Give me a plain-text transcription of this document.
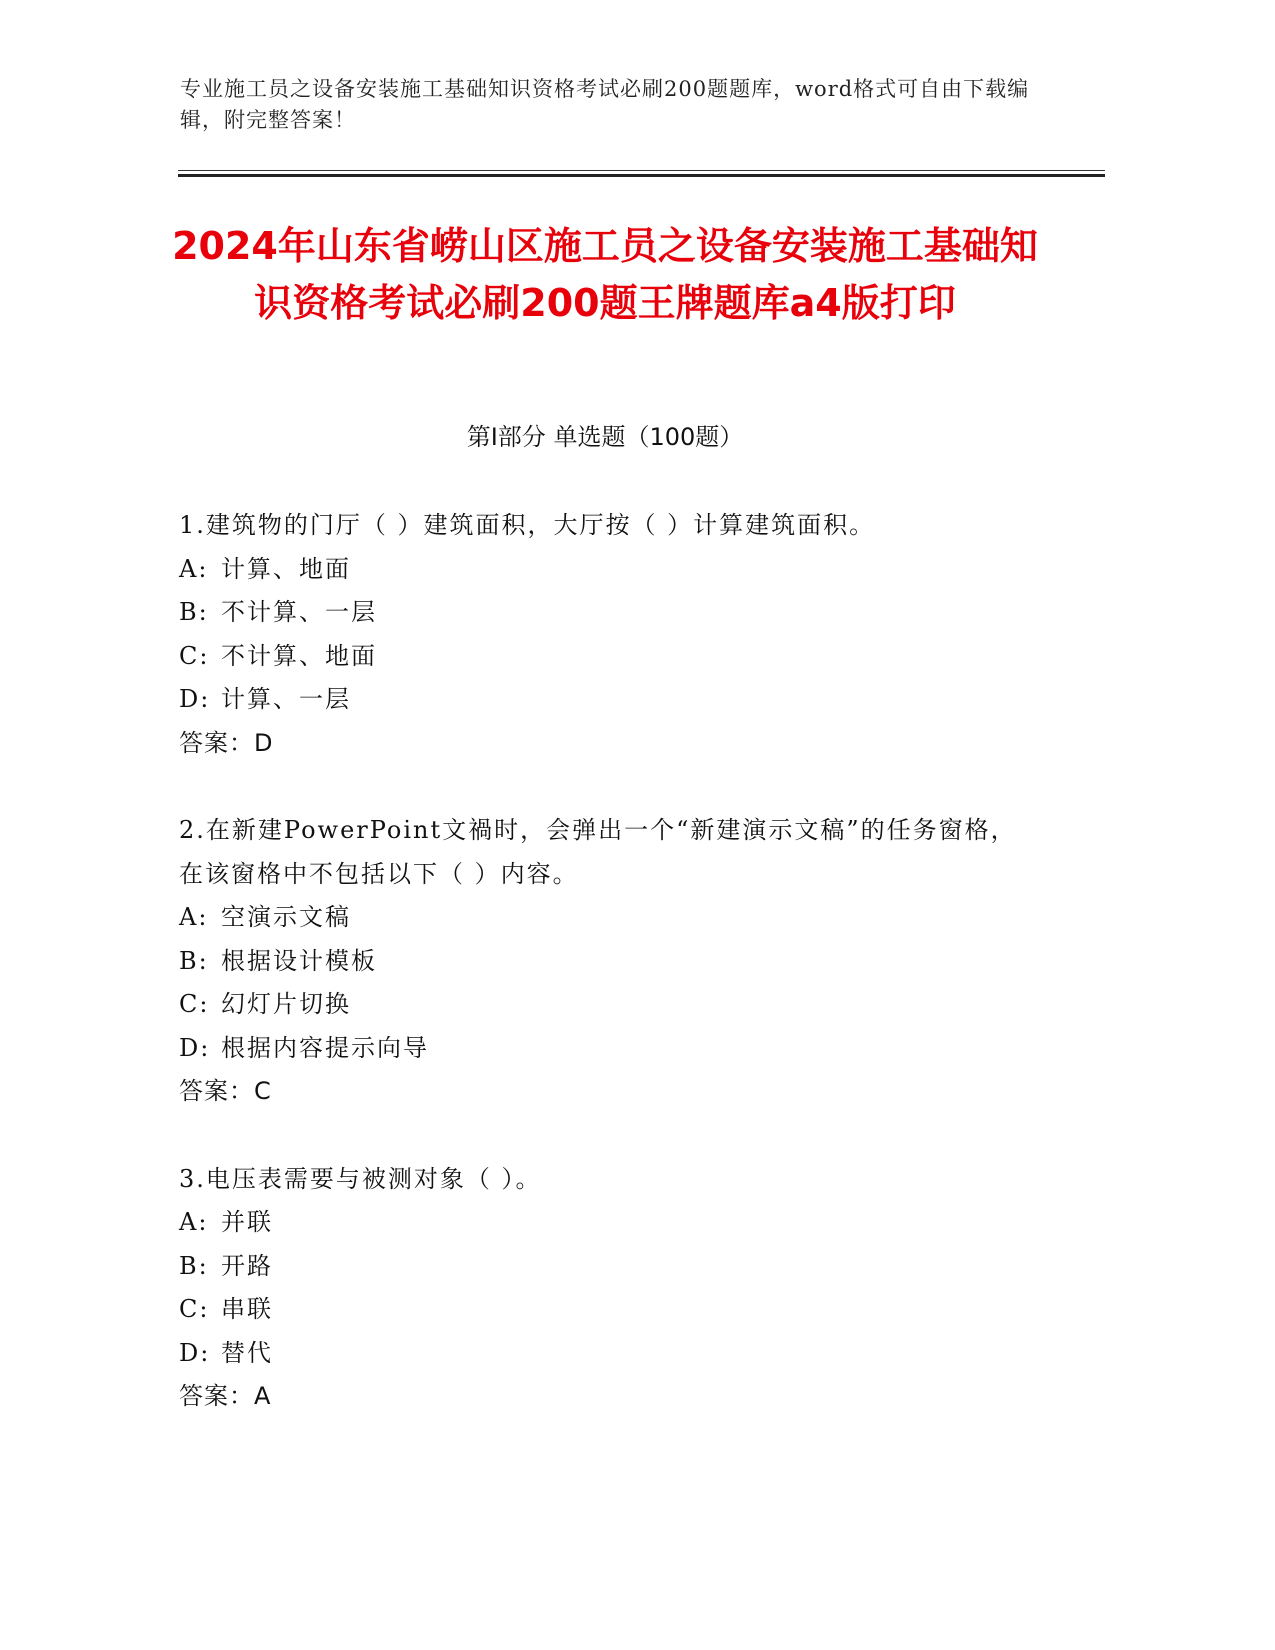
专业施工员之设备安装施工基础知识资格考试必刷200题题库，word格式可自由下载编辑，附完整答案！
2024年山东省崂山区施工员之设备安装施工基础知识资格考试必刷200题王牌题库a4版打印
第Ⅰ部分 单选题（100题）
1.建筑物的门厅（ ）建筑面积，大厅按（ ）计算建筑面积。
A: 计算、地面
B: 不计算、一层
C: 不计算、地面
D: 计算、一层
答案：D
2.在新建PowerPoint文禍时，会弹出一个“新建演示文稿”的任务窗格，在该窗格中不包括以下（ ）内容。
A: 空演示文稿
B: 根据设计模板
C: 幻灯片切换
D: 根据内容提示向导
答案：C
3.电压表需要与被测对象（ ）。
A: 并联
B: 开路
C: 串联
D: 替代
答案：A
